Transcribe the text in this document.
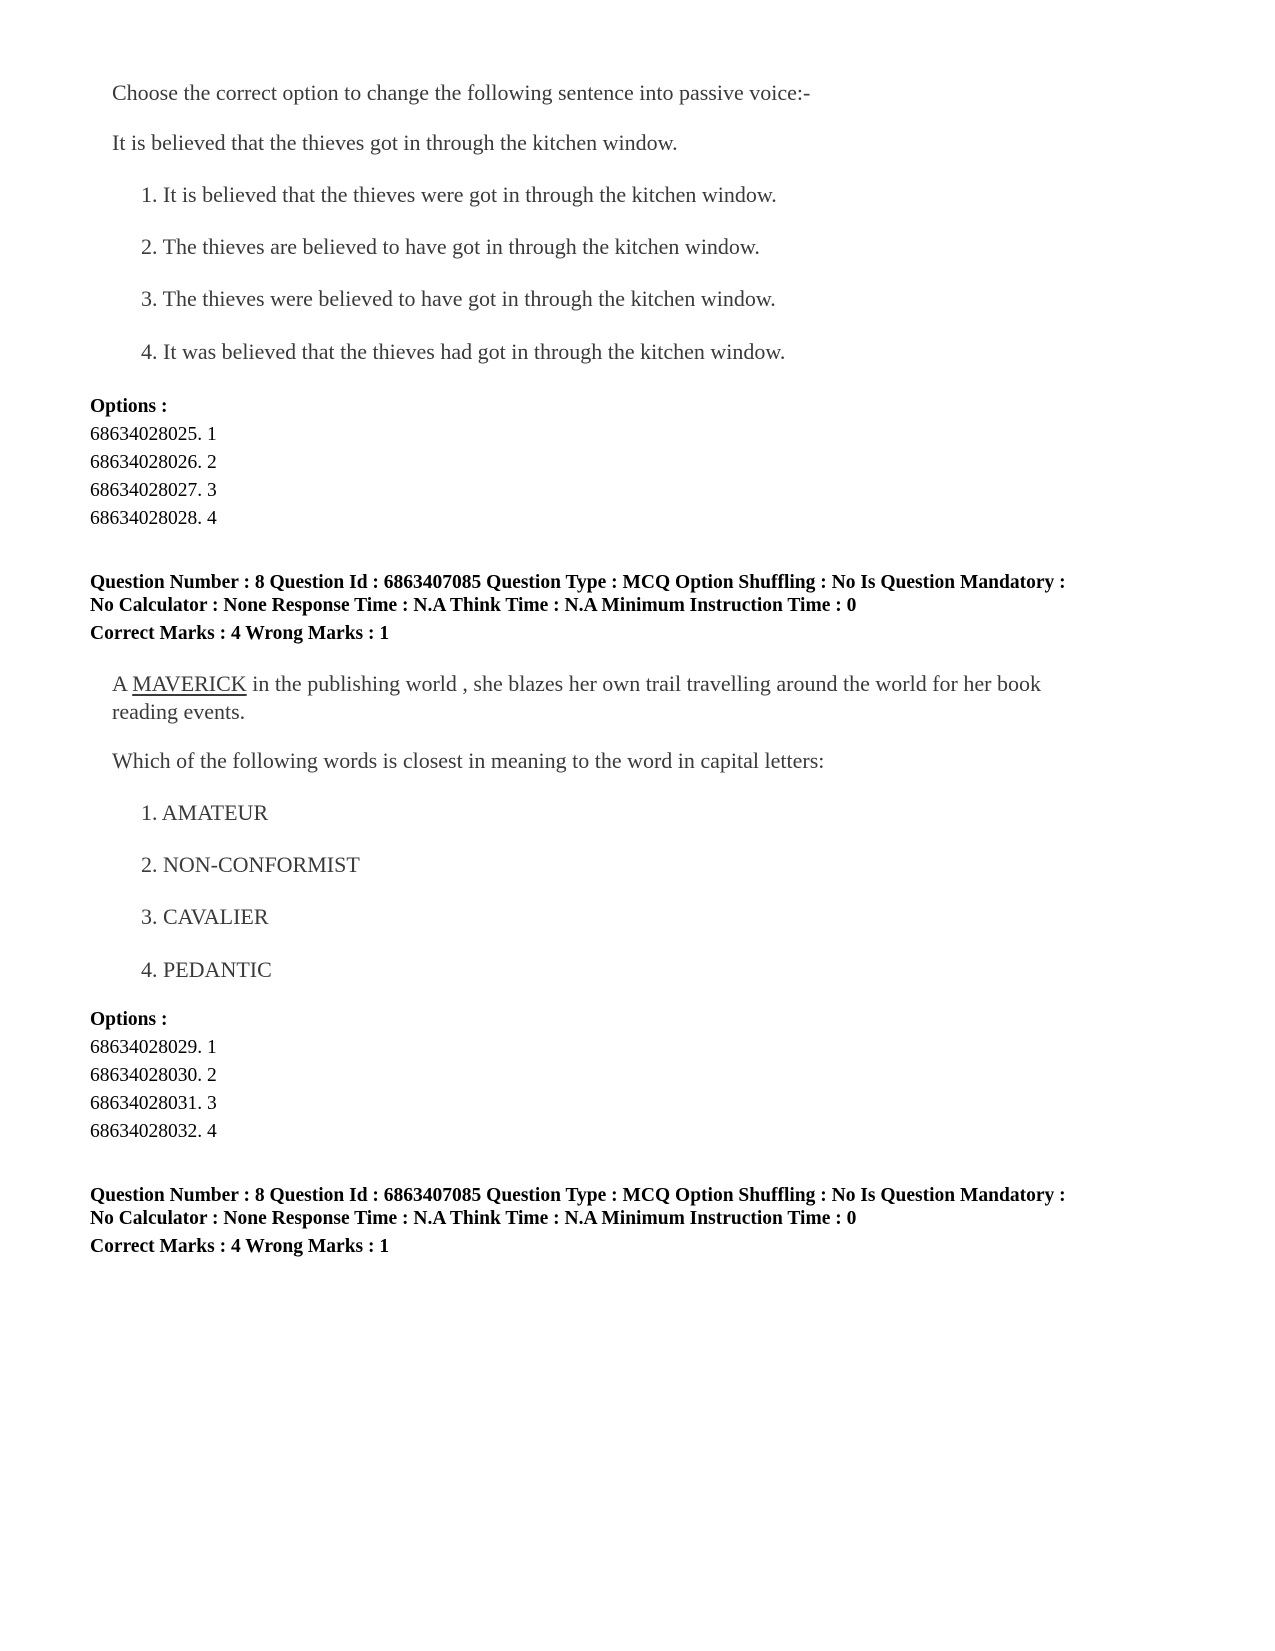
Choose the correct option to change the following sentence into passive voice:-
It is believed that the thieves got in through the kitchen window.
1. It is believed that the thieves were got in through the kitchen window.
2. The thieves are believed to have got in through the kitchen window.
3. The thieves were believed to have got in through the kitchen window.
4. It was believed that the thieves had got in through the kitchen window.
Options :
68634028025. 1
68634028026. 2
68634028027. 3
68634028028. 4
Question Number : 8 Question Id : 6863407085 Question Type : MCQ Option Shuffling : No Is Question Mandatory :
No Calculator : None Response Time : N.A Think Time : N.A Minimum Instruction Time : 0
Correct Marks : 4 Wrong Marks : 1
A MAVERICK in the publishing world , she blazes her own trail travelling around the world for her book reading events.
Which of the following words is closest in meaning to the word in capital letters:
1. AMATEUR
2. NON-CONFORMIST
3. CAVALIER
4. PEDANTIC
Options :
68634028029. 1
68634028030. 2
68634028031. 3
68634028032. 4
Question Number : 8 Question Id : 6863407085 Question Type : MCQ Option Shuffling : No Is Question Mandatory :
No Calculator : None Response Time : N.A Think Time : N.A Minimum Instruction Time : 0
Correct Marks : 4 Wrong Marks : 1
